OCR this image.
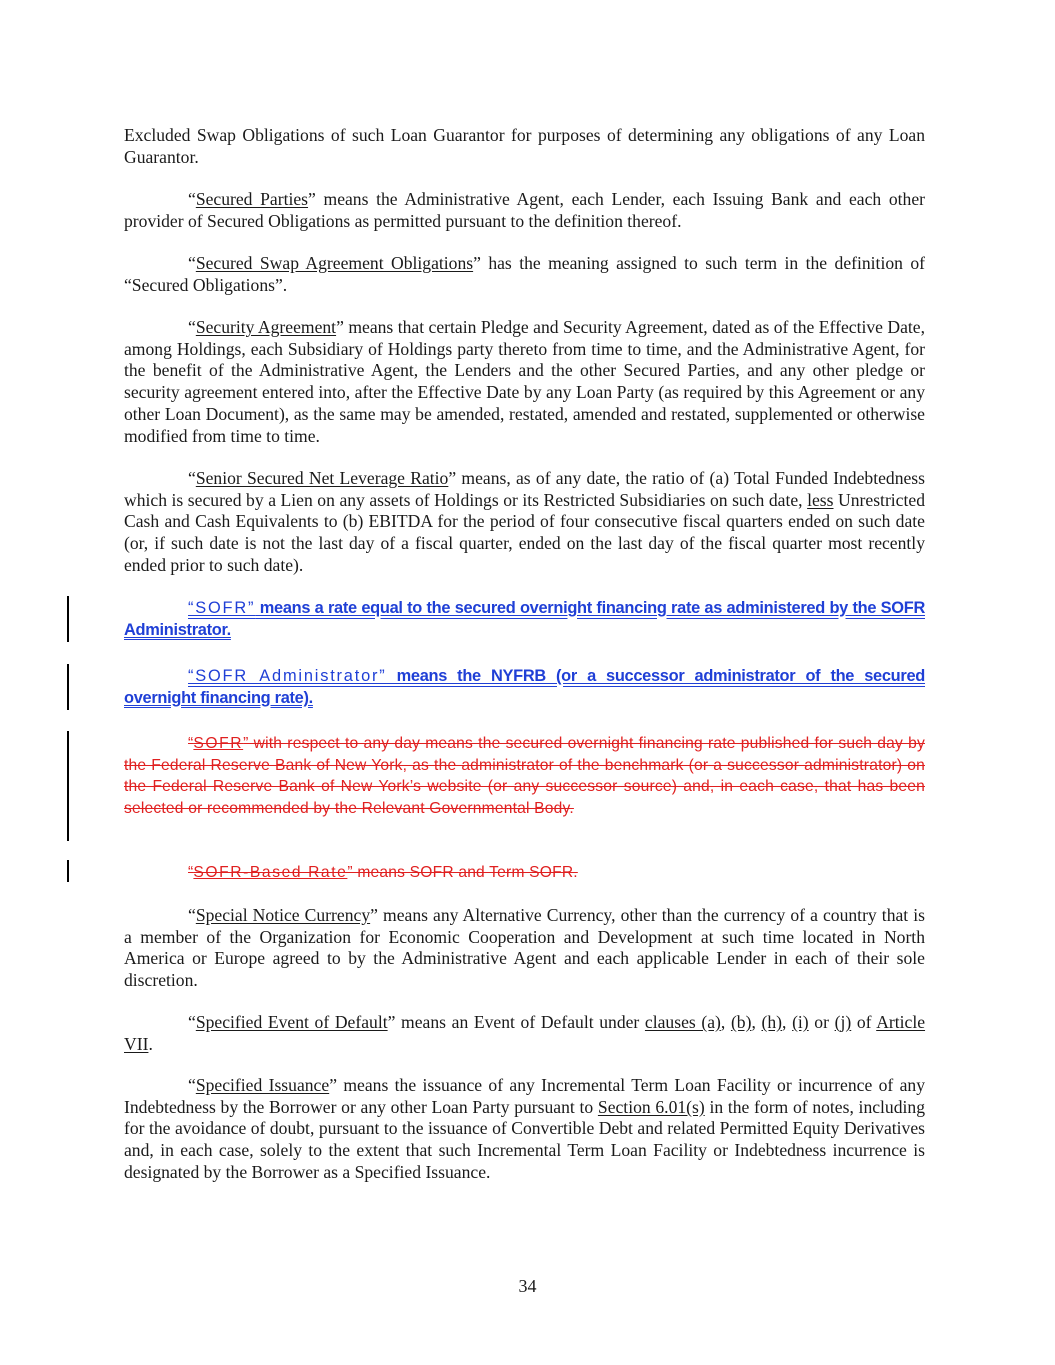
Excluded Swap Obligations of such Loan Guarantor for purposes of determining any obligations of any Loan Guarantor.

“Secured Parties” means the Administrative Agent, each Lender, each Issuing Bank and each other provider of Secured Obligations as permitted pursuant to the definition thereof.

“Secured Swap Agreement Obligations” has the meaning assigned to such term in the definition of “Secured Obligations”.

“Security Agreement” means that certain Pledge and Security Agreement, dated as of the Effective Date, among Holdings, each Subsidiary of Holdings party thereto from time to time, and the Administrative Agent, for the benefit of the Administrative Agent, the Lenders and the other Secured Parties, and any other pledge or security agreement entered into, after the Effective Date by any Loan Party (as required by this Agreement or any other Loan Document), as the same may be amended, restated, amended and restated, supplemented or otherwise modified from time to time.

“Senior Secured Net Leverage Ratio” means, as of any date, the ratio of (a) Total Funded Indebtedness which is secured by a Lien on any assets of Holdings or its Restricted Subsidiaries on such date, less Unrestricted Cash and Cash Equivalents to (b) EBITDA for the period of four consecutive fiscal quarters ended on such date (or, if such date is not the last day of a fiscal quarter, ended on the last day of the fiscal quarter most recently ended prior to such date).

“SOFR” means a rate equal to the secured overnight financing rate as administered by the SOFR Administrator.

“SOFR Administrator” means the NYFRB (or a successor administrator of the secured overnight financing rate).

“SOFR” with respect to any day means the secured overnight financing rate published for such day by the Federal Reserve Bank of New York, as the administrator of the benchmark (or a successor administrator) on the Federal Reserve Bank of New York’s website (or any successor source) and, in each case, that has been selected or recommended by the Relevant Governmental Body.

“SOFR-Based Rate” means SOFR and Term SOFR.

“Special Notice Currency” means any Alternative Currency, other than the currency of a country that is a member of the Organization for Economic Cooperation and Development at such time located in North America or Europe agreed to by the Administrative Agent and each applicable Lender in each of their sole discretion.

“Specified Event of Default” means an Event of Default under clauses (a), (b), (h), (i) or (j) of Article VII.

“Specified Issuance” means the issuance of any Incremental Term Loan Facility or incurrence of any Indebtedness by the Borrower or any other Loan Party pursuant to Section 6.01(s) in the form of notes, including for the avoidance of doubt, pursuant to the issuance of Convertible Debt and related Permitted Equity Derivatives and, in each case, solely to the extent that such Incremental Term Loan Facility or Indebtedness incurrence is designated by the Borrower as a Specified Issuance.

34
